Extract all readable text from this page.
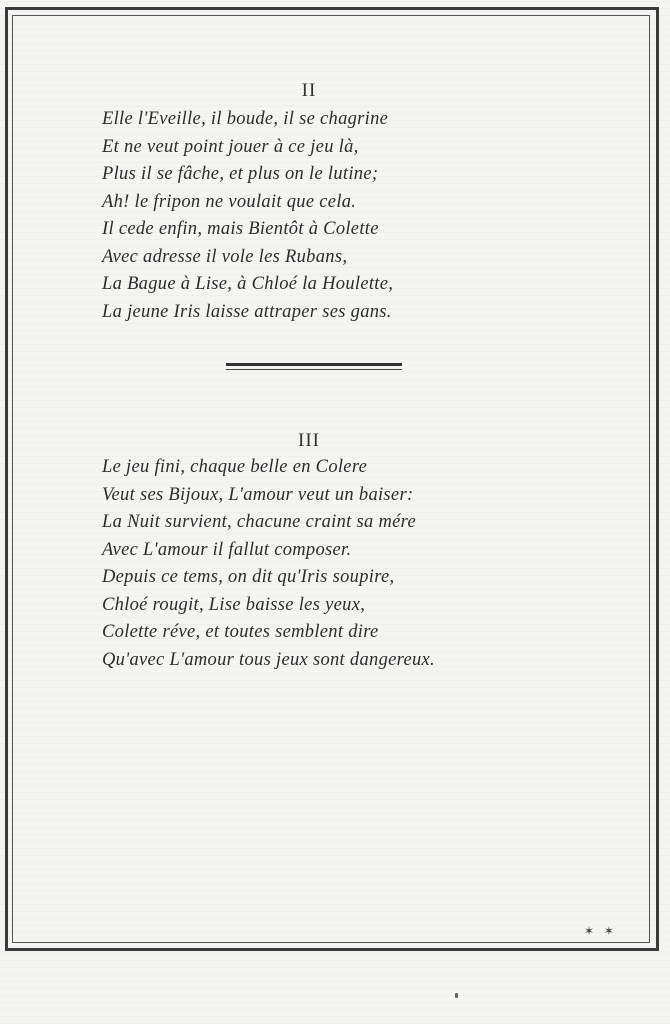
II
Elle l'Eveille, il boude, il se chagrine
Et ne veut point jouer à ce jeu là,
Plus il se fâche, et plus on le lutine;
Ah! le fripon ne voulait que cela.
Il cede enfin, mais Bientôt à Colette
Avec adresse il vole les Rubans,
La Bague à Lise, à Chloé la Houlette,
La jeune Iris laisse attraper ses gans.
III
Le jeu fini, chaque belle en Colere
Veut ses Bijoux, L'amour veut un baiser:
La Nuit survient, chacune craint sa mére
Avec L'amour il fallut composer.
Depuis ce tems, on dit qu'Iris soupire,
Chloé rougit, Lise baisse les yeux,
Colette réve, et toutes semblent dire
Qu'avec L'amour tous jeux sont dangereux.
✶ ✶
